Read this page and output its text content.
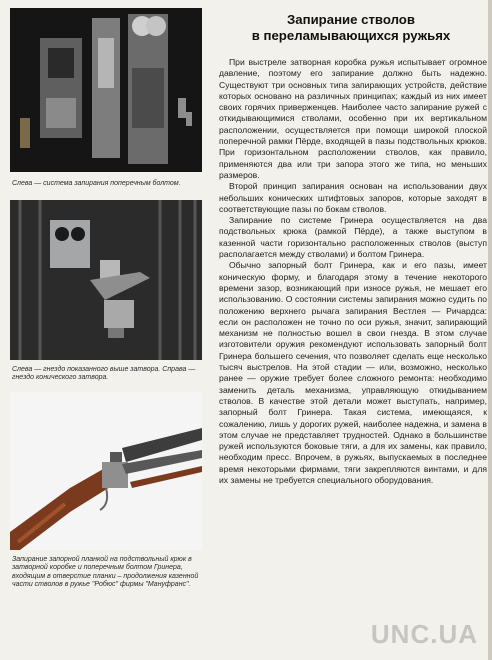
Слева — система запирания поперечным болтом.
Слева — гнездо показанного выше затвора. Справа — гнездо конического затвора.
Запирание запорной планкой на подствольный крюк в затворной коробке и поперечным болтом Гринера, входящим в отверстие планки – продолжения казенной части стволов в ружье "Робюс" фирмы "Мануфранс".
Запирание стволов
в переламывающихся ружьях

При выстреле затворная коробка ружья испытывает огромное давление, поэтому его запирание должно быть надежно. Существуют три основных типа запирающих устройств, действие которых основано на различных принципах; каждый из них имеет своих горячих приверженцев. Наиболее часто запирание ружей с откидывающимися стволами, особенно при их вертикальном расположении, осуществляется при помощи широкой плоской поперечной рамки Пёрде, входящей в пазы подствольных крюков. При горизонтальном расположении стволов, как правило, применяются два или три запора этого же типа, но меньших размеров.

Второй принцип запирания основан на использовании двух небольших конических штифтовых запоров, которые заходят в соответствующие пазы по бокам стволов.

Запирание по системе Гринера осуществляется на два подствольных крюка (рамкой Пёрде), а также выступом в казенной части горизонтально расположенных стволов (выступ располагается между стволами) и болтом Гринера.

Обычно запорный болт Гринера, как и его пазы, имеет коническую форму, и благодаря этому в течение некоторого времени зазор, возникающий при износе ружья, не мешает его использованию. О состоянии системы запирания можно судить по положению верхнего рычага запирания Вестлея — Ричардса: если он расположен не точно по оси ружья, значит, запирающий механизм не полностью вошел в свои гнезда. В этом случае изготовители оружия рекомендуют использовать запорный болт Гринера большего сечения, что позволяет сделать еще несколько тысяч выстрелов. На этой стадии — или, возможно, несколько ранее — оружие требует более сложного ремонта: необходимо заменить деталь механизма, управляющую откидыванием стволов. В качестве этой детали может выступать, например, запорный болт Гринера. Такая система, имеющаяся, к сожалению, лишь у дорогих ружей, наиболее надежна, и замена в этом случае не представляет трудностей. Однако в большинстве ружей используются боковые тяги, а для их замены, как правило, необходим пресс. Впрочем, в ружьях, выпускаемых в последнее время некоторыми фирмами, тяги закрепляются винтами, и для их замены не требуется специального оборудования.

UNC.UA
